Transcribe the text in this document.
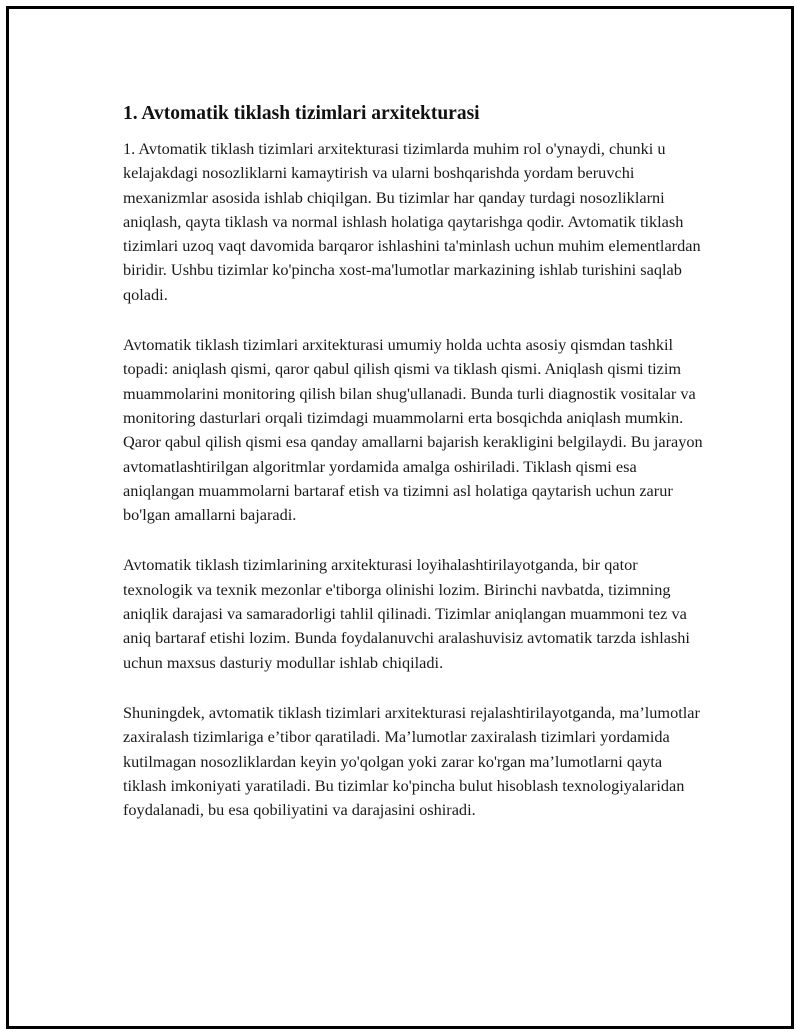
1. Avtomatik tiklash tizimlari arxitekturasi

1. Avtomatik tiklash tizimlari arxitekturasi tizimlarda muhim rol o'ynaydi, chunki u kelajakdagi nosozliklarni kamaytirish va ularni boshqarishda yordam beruvchi mexanizmlar asosida ishlab chiqilgan. Bu tizimlar har qanday turdagi nosozliklarni aniqlash, qayta tiklash va normal ishlash holatiga qaytarishga qodir. Avtomatik tiklash tizimlari uzoq vaqt davomida barqaror ishlashini ta'minlash uchun muhim elementlardan biridir. Ushbu tizimlar ko'pincha xost-ma'lumotlar markazining ishlab turishini saqlab qoladi.

Avtomatik tiklash tizimlari arxitekturasi umumiy holda uchta asosiy qismdan tashkil topadi: aniqlash qismi, qaror qabul qilish qismi va tiklash qismi. Aniqlash qismi tizim muammolarini monitoring qilish bilan shug'ullanadi. Bunda turli diagnostik vositalar va monitoring dasturlari orqali tizimdagi muammolarni erta bosqichda aniqlash mumkin. Qaror qabul qilish qismi esa qanday amallarni bajarish kerakligini belgilaydi. Bu jarayon avtomatlashtirilgan algoritmlar yordamida amalga oshiriladi. Tiklash qismi esa aniqlangan muammolarni bartaraf etish va tizimni asl holatiga qaytarish uchun zarur bo'lgan amallarni bajaradi.

Avtomatik tiklash tizimlarining arxitekturasi loyihalashtirilayotganda, bir qator texnologik va texnik mezonlar e'tiborga olinishi lozim. Birinchi navbatda, tizimning aniqlik darajasi va samaradorligi tahlil qilinadi. Tizimlar aniqlangan muammoni tez va aniq bartaraf etishi lozim. Bunda foydalanuvchi aralashuvisiz avtomatik tarzda ishlashi uchun maxsus dasturiy modullar ishlab chiqiladi.

Shuningdek, avtomatik tiklash tizimlari arxitekturasi rejalashtirilayotganda, ma’lumotlar zaxiralash tizimlariga e’tibor qaratiladi. Ma’lumotlar zaxiralash tizimlari yordamida kutilmagan nosozliklardan keyin yo'qolgan yoki zarar ko'rgan ma’lumotlarni qayta tiklash imkoniyati yaratiladi. Bu tizimlar ko'pincha bulut hisoblash texnologiyalaridan foydalanadi, bu esa qobiliyatini va darajasini oshiradi.
